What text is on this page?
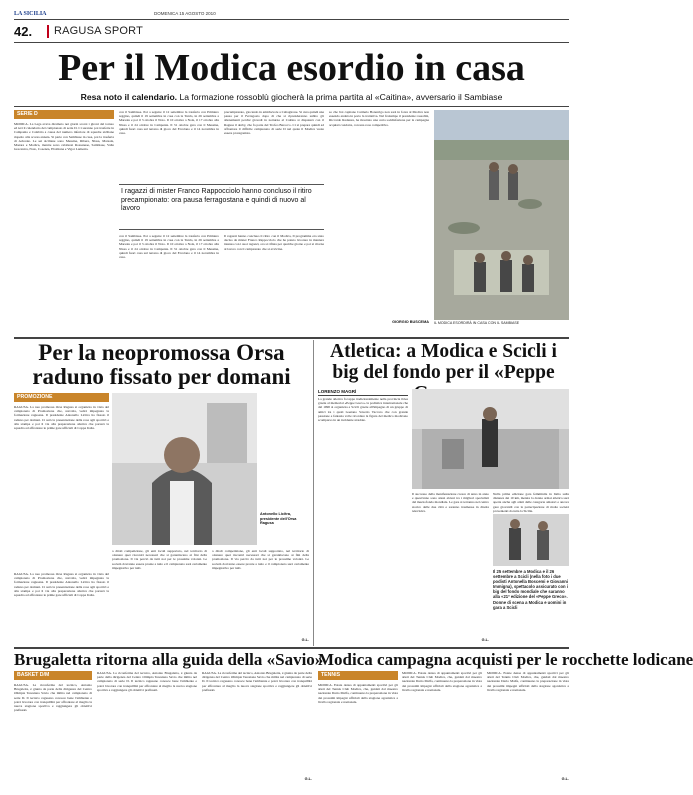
LA SICILIA	DOMENICA 15 AGOSTO 2010
42. RAGUSA SPORT
Per il Modica esordio in casa
Resa noto il calendario. La formazione rossoblù giocherà la prima partita al «Caitina», avversario il Sambiase
SERIE D
MODICA. La Lega aveva diramato nei giorni scorsi i gironi del torneo ed ieri il calendario del campionato di serie D. Ci saranno poi trasferte in Campania e Calabria a causa del numero inferiore di squadre siciliane rispetto alla scorsa annata. Si parte con Sambiase in casa, poi la trasferta di Acireale. Le sei siciliane sono Messina, Ribera, Nissa, Marsala, Mazara e Modica, mentre sono calabresi Rossanese, Sambiase, Valle Grecanica, Noto, Cosenza, Ebolitana e Vigor Lamezia.
con il Sambiase. Poi a seguire il 12 settembre la trasferta con Primiero reggino, quindi il 19 settembre in casa con la Turris, in 26 settembre a Marsala e poi il 3 ottobre il Noto. Il 10 ottobre a Nola, il 17 ottobre alla Nissa e il 24 ottobre in Campania. Il 31 ottobre gara con il Messina, quindi fuori casa sul terreno di gioco del Ercolano e il 14 novembre in casa.
precampionato, giocando in amichevole a Caltagirone. Si cura quindi una pausa per il Ferragosto dopo di che si riprenderanno subito gli allenamenti perché giovedì in notturna al Caitina si disputerà con il Ragusa il derby, che fa parte del Trofeo Barocco. Ci si prepara quindi ad affrontare il difficile campionato di serie D nel quale il Modica vuole essere protagonista.
I ragazzi di mister Franco Rappocciolo hanno concluso il ritiro precampionato: ora pausa ferragostana e quindi di nuovo al lavoro
con il Sambiase. Poi a seguire il 12 settembre la trasferta con Primiero reggino, quindi il 19 settembre in casa con la Turris, in 26 settembre a Marsala e poi il 3 ottobre il Noto. Il 10 ottobre a Nola, il 17 ottobre alla Nissa e il 24 ottobre in Campania. Il 31 ottobre gara con il Messina, quindi fuori casa sul terreno di gioco del Ercolano e il 14 novembre in casa.
Il ragazzi hanno concluso il ritiro con il Modica, Il programma era stato deciso da mister Franco Rappocciolo che ha potuto lavorare in maniera intensa con i suoi ragazzi, ora si rifiata per qualche giorno e poi si ritorna al lavoro con il campionato che si avvicina.
so che l'ex capitano Carmelo Bonarrigo non sarà in forza al Modica non essendo andata in porto la trattativa. Nel frattempo il presidente rossoblù, Riccardo Radenza, ha mostrato una certa soddisfazione per la campagna acquisti condotta, con una rosa competitiva.
GIORGIO BUSCEMA IL MODICA ESORDIRÀ IN CASA CON IL SAMBIASE
Per la neopromossa Orsa raduno fissato per domani
PROMOZIONE
RAGUSA. La neo promossa Orsa Ragusa si organizza in vista del campionato di Promozione che, stavolta, vedrà impegnata la formazione ragusana. Il presidente Antonello Licitra ha fissato il raduno per domani. Ci sarà la presentazione della rosa agli sportivi e alla stampa e poi il via alla preparazione atletica che porterà la squadra ad affrontare le prime gare ufficiali di Coppa Italia.
Antonello Licitra,
presidente dell'Orsa Ragusa
a ditali competizione, gli enti locali supportato, nel territorio di ottenere quei riscontri necessari che si garantiscano ai fini della promozione. Il via perciò da tutti noi per le prossime volontà. Le società dovranno essere pronte a tutto e il campionato sarà certamente impegnativo per tutti.
a ditali competizione, gli enti locali supportato, nel territorio di ottenere quei riscontri necessari che si garantiscano ai fini della promozione. Il via perciò da tutti noi per le prossime volontà. Le società dovranno essere pronte a tutto e il campionato sarà certamente impegnativo per tutti.
RAGUSA. La neo promossa Orsa Ragusa si organizza in vista del campionato di Promozione che, stavolta, vedrà impegnata la formazione ragusana. Il presidente Antonello Licitra ha fissato il raduno per domani. Ci sarà la presentazione della rosa agli sportivi e alla stampa e poi il via alla preparazione atletica che porterà la squadra ad affrontare le prime gare ufficiali di Coppa Italia.
G.L.
Atletica: a Modica e Scicli i big del fondo per il «Peppe
LORENZO MAGRÌ
La grande atletica fa tappa tradizionalmente nella provincia iblea grazie al memorial «Peppe Greco» la podistica internazionale che dal 1990 si organizza a Scicli grazie all'impegno di un gruppo di amici tra i quali Gaetano Saverio Vaccaro che con grande passione e fantasia volle ricordare la figura del medico modicano scomparso in un incidente stradale.
Il successo della manifestazione cresce di anno in anno e quest'anno sono attesi alcuni tra i migliori specialisti del mezzofondo mondiale. Le gare si terranno nel centro storico delle due città e saranno trasmesse in diretta televisiva.
Nella prima edizione gara femminile in Italia sulla distanza dei 10 km, mentre la donna ormai atletica sarà aperta anche agli atleti delle categorie amatori e ancora gare giovanili con la partecipazione di molte società provenienti da tutta la Sicilia.
Il 25 settembre a Modica e il 26 settembre a Scicli (nella foto i due podisti Antonella Boscemi e Giovanni Immigna), spettacolo assicurato con i big del fondo mondiale che saranno alla «21ª edizione del «Peppe Greco». Donne di scena a Modica e uomini in gara a Scicli
G.L.
Brugaletta ritorna alla guida della «Savio»
BASKET D/M
RAGUSA. La riconferma del tecnico, Antonio Brugaletta, è giunta da parte della dirigenza del Centro Olimpia Teresiana Savio che milita nel campionato di serie D. Il tecnico ragusano conosce bene l'ambiente e potrà lavorare con tranquillità per affrontare al meglio la nuova stagione sportiva e raggiungere gli obiettivi prefissati.
RAGUSA. La riconferma del tecnico, Antonio Brugaletta, è giunta da parte della dirigenza del Centro Olimpia Teresiana Savio che milita nel campionato di serie D. Il tecnico ragusano conosce bene l'ambiente e potrà lavorare con tranquillità per affrontare al meglio la nuova stagione sportiva e raggiungere gli obiettivi prefissati.
RAGUSA. La riconferma del tecnico, Antonio Brugaletta, è giunta da parte della dirigenza del Centro Olimpia Teresiana Savio che milita nel campionato di serie D. Il tecnico ragusano conosce bene l'ambiente e potrà lavorare con tranquillità per affrontare al meglio la nuova stagione sportiva e raggiungere gli obiettivi prefissati.
G.L.
Modica campagna acquisti per le rocchette lodicane
TENNIS
MODICA. Estate densa di appuntamenti sportivi per gli atleti del Tennis Club Modica, che, guidati dal maestro nazionale Dario Malfa, continuano la preparazione in vista dei prossimi impegni ufficiali della stagione agonistica a livello regionale e nazionale.
MODICA. Estate densa di appuntamenti sportivi per gli atleti del Tennis Club Modica, che, guidati dal maestro nazionale Dario Malfa, continuano la preparazione in vista dei prossimi impegni ufficiali della stagione agonistica a livello regionale e nazionale.
MODICA. Estate densa di appuntamenti sportivi per gli atleti del Tennis Club Modica, che, guidati dal maestro nazionale Dario Malfa, continuano la preparazione in vista dei prossimi impegni ufficiali della stagione agonistica a livello regionale e nazionale.
G.L.
